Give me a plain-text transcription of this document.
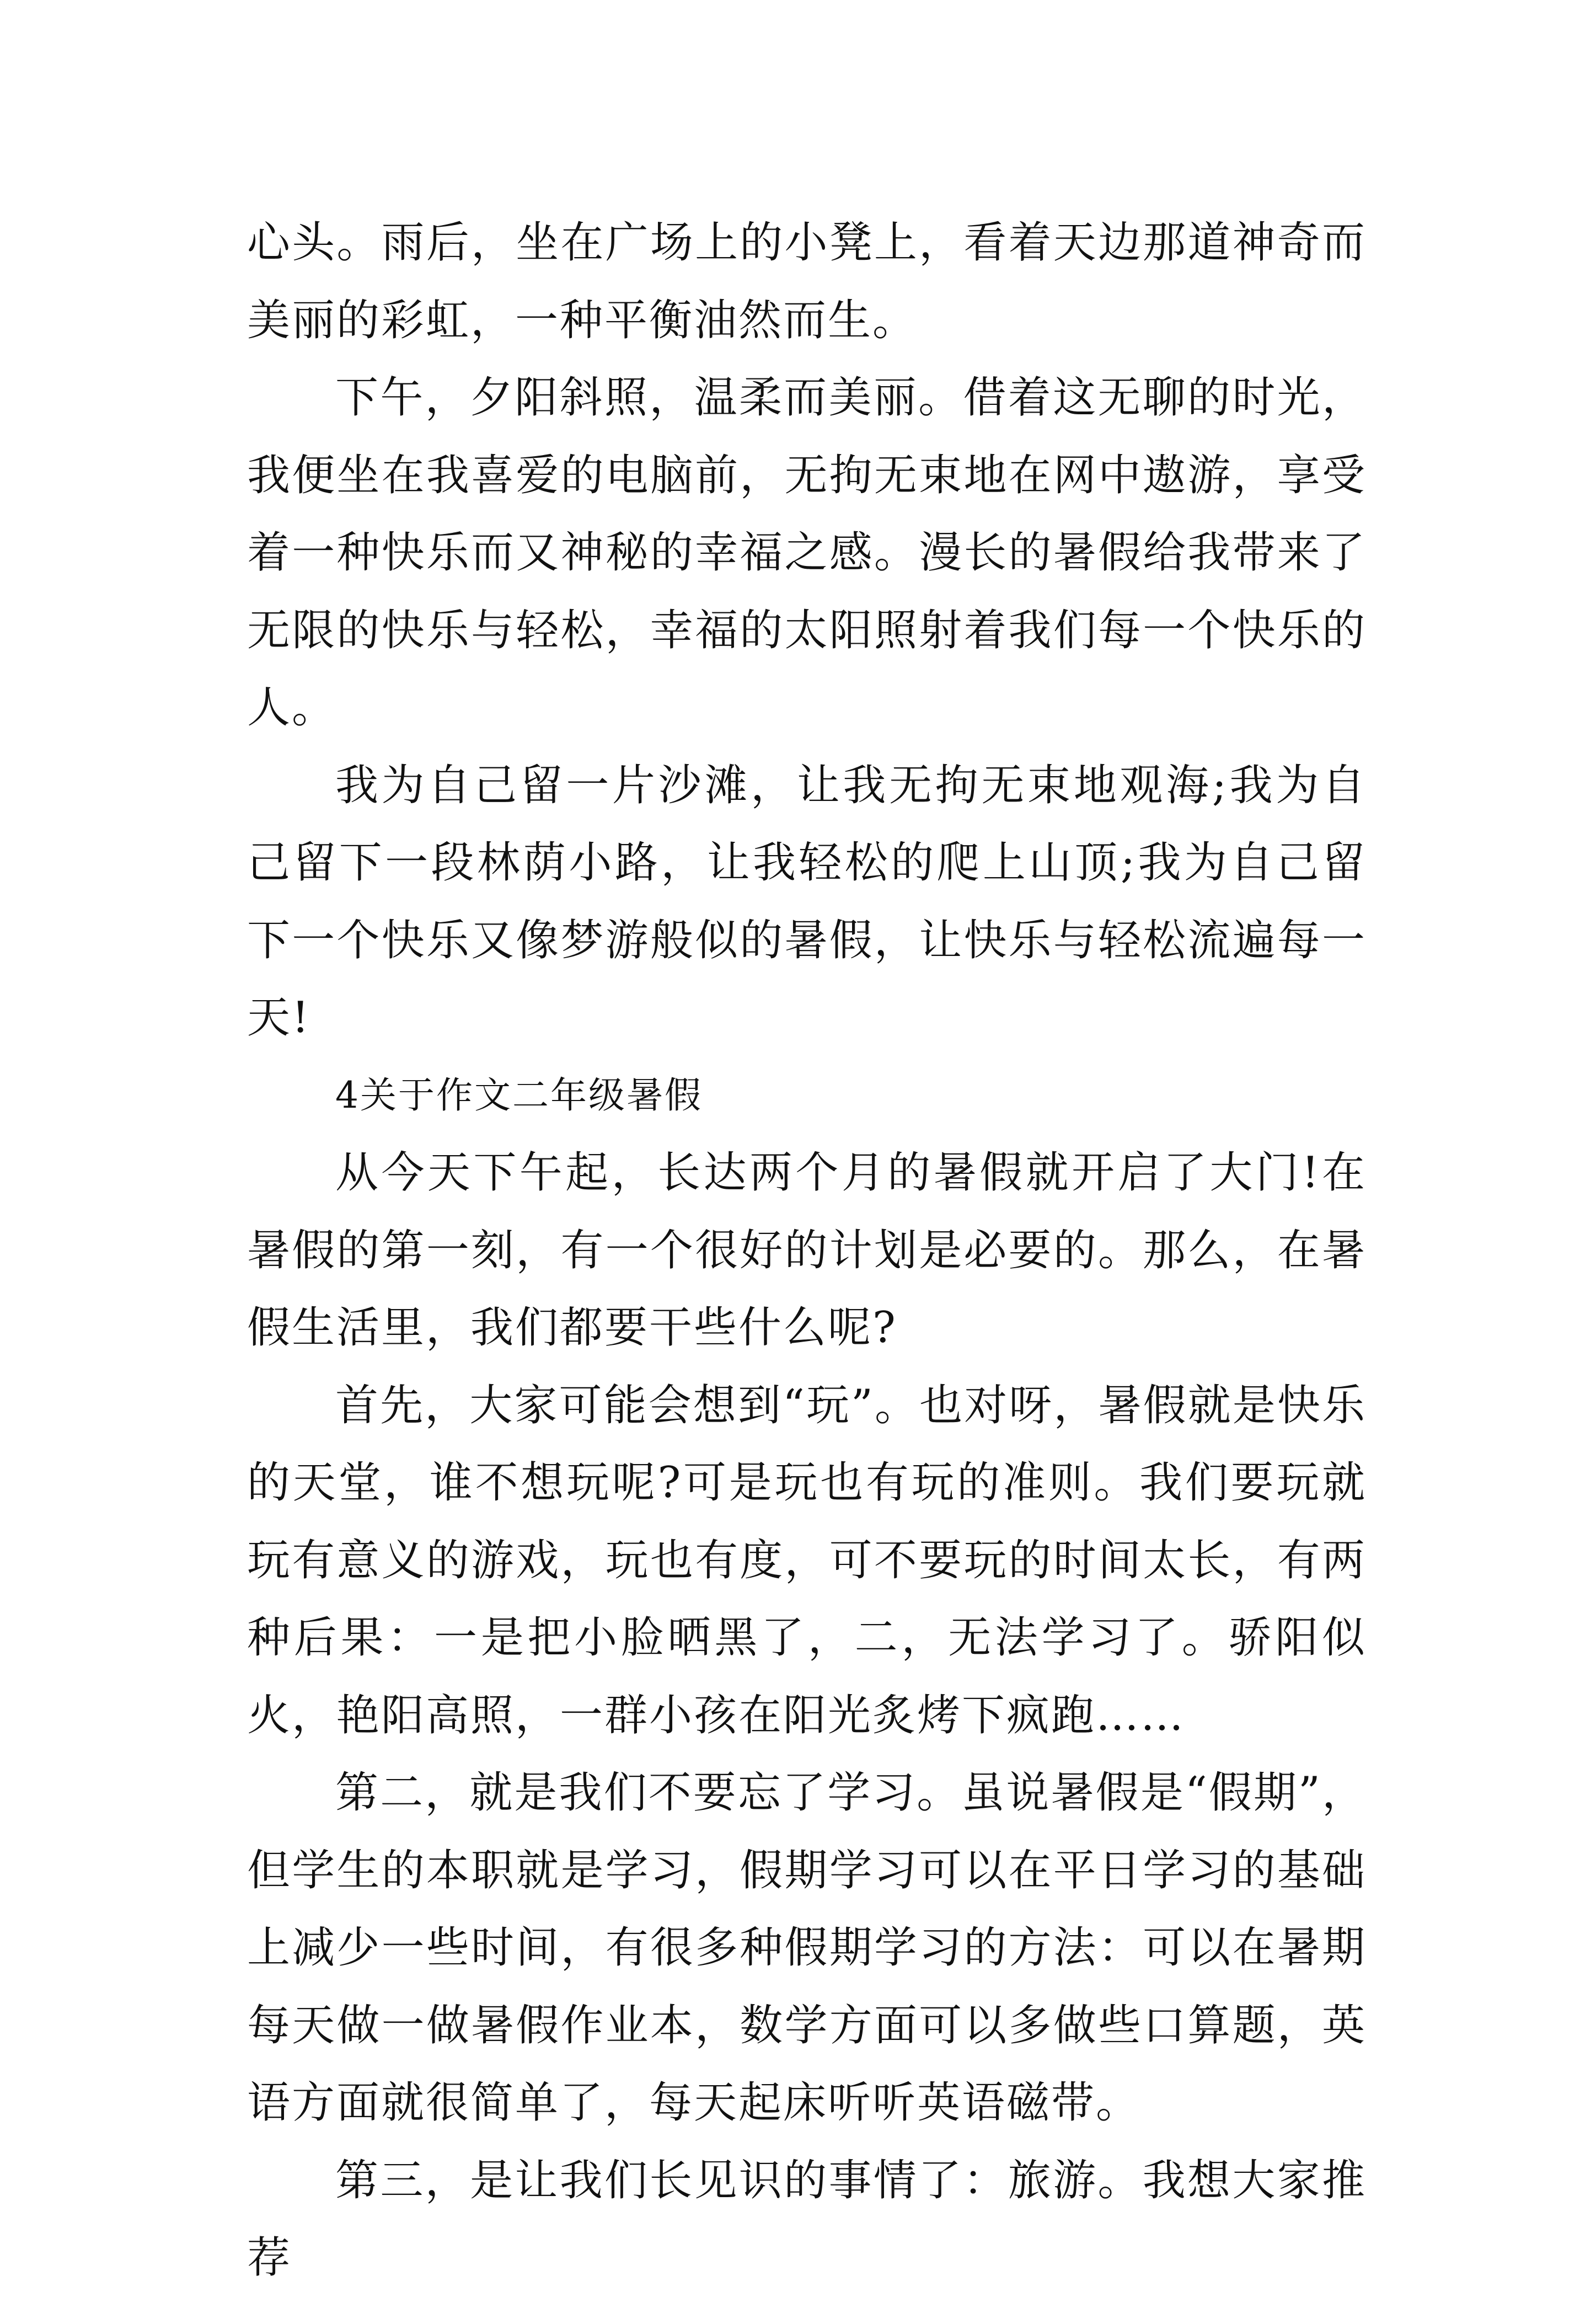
心头。雨后，坐在广场上的小凳上，看着天边那道神奇而美丽的彩虹，一种平衡油然而生。

下午，夕阳斜照，温柔而美丽。借着这无聊的时光，我便坐在我喜爱的电脑前，无拘无束地在网中遨游，享受着一种快乐而又神秘的幸福之感。漫长的暑假给我带来了无限的快乐与轻松，幸福的太阳照射着我们每一个快乐的人。

我为自己留一片沙滩，让我无拘无束地观海;我为自己留下一段林荫小路，让我轻松的爬上山顶;我为自己留下一个快乐又像梦游般似的暑假，让快乐与轻松流遍每一天!

4关于作文二年级暑假

从今天下午起，长达两个月的暑假就开启了大门!在暑假的第一刻，有一个很好的计划是必要的。那么，在暑假生活里，我们都要干些什么呢?

首先，大家可能会想到“玩”。也对呀，暑假就是快乐的天堂，谁不想玩呢?可是玩也有玩的准则。我们要玩就玩有意义的游戏，玩也有度，可不要玩的时间太长，有两种后果：一是把小脸晒黑了，二，无法学习了。骄阳似火，艳阳高照，一群小孩在阳光炙烤下疯跑……

第二，就是我们不要忘了学习。虽说暑假是“假期”，但学生的本职就是学习，假期学习可以在平日学习的基础上减少一些时间，有很多种假期学习的方法：可以在暑期每天做一做暑假作业本，数学方面可以多做些口算题，英语方面就很简单了，每天起床听听英语磁带。

第三，是让我们长见识的事情了：旅游。我想大家推荐
